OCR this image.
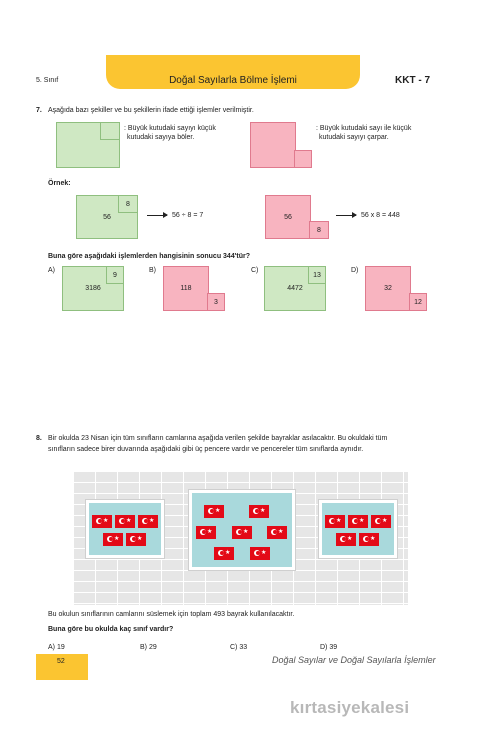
5. Sınıf	Doğal Sayılarla Bölme İşlemi	KKT - 7
7. Aşağıda bazı şekiller ve bu şekillerin ifade ettiği işlemler verilmiştir.
: Büyük kutudaki sayıyı küçük
kutudaki sayıya böler.
: Büyük kutudaki sayı ile küçük
kutudaki sayıyı çarpar.
Örnek:
56
8
56 ÷ 8 = 7	56
8
56 x 8 = 448
Buna göre aşağıdaki işlemlerden hangisinin sonucu 344'tür?
A)
3186
9
B)
118
3
C)
4472
13
D)
32
12
8. Bir okulda 23 Nisan için tüm sınıfların camlarına aşağıda verilen şekilde bayraklar asılacaktır. Bu okuldaki tüm
sınıfların sadece birer duvarında aşağıdaki gibi üç pencere vardır ve pencereler tüm sınıflarda aynıdır.
★	★	★
★	★
★	★
★	★	★
★	★
★	★	★
★	★
Bu okulun sınıflarının camlarını süslemek için toplam 493 bayrak kullanılacaktır.
Buna göre bu okulda kaç sınıf vardır?
A) 19	B) 29	C) 33	D) 39
52	Doğal Sayılar ve Doğal Sayılarla İşlemler
kırtasiyekalesi
